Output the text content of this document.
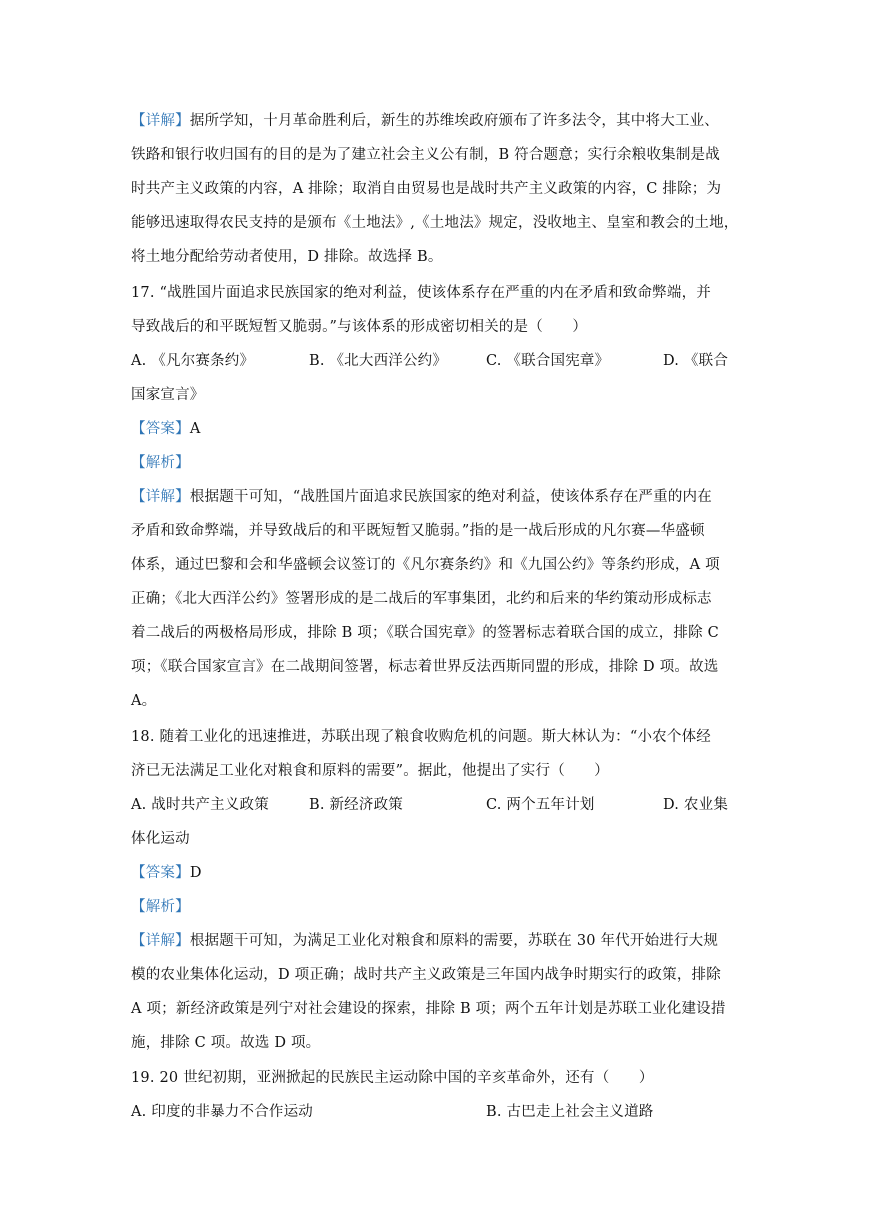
【详解】据所学知，十月革命胜利后，新生的苏维埃政府颁布了许多法令，其中将大工业、
铁路和银行收归国有的目的是为了建立社会主义公有制，B 符合题意；实行余粮收集制是战
时共产主义政策的内容，A 排除；取消自由贸易也是战时共产主义政策的内容，C 排除；为
能够迅速取得农民支持的是颁布《土地法》,《土地法》规定，没收地主、皇室和教会的土地，
将土地分配给劳动者使用，D 排除。故选择 B。
17. “战胜国片面追求民族国家的绝对利益，使该体系存在严重的内在矛盾和致命弊端，并
导致战后的和平既短暂又脆弱。”与该体系的形成密切相关的是（　　）
A. 《凡尔赛条约》	B. 《北大西洋公约》	C. 《联合国宪章》	D. 《联合
国家宣言》
【答案】A
【解析】
【详解】根据题干可知，“战胜国片面追求民族国家的绝对利益，使该体系存在严重的内在
矛盾和致命弊端，并导致战后的和平既短暂又脆弱。”指的是一战后形成的凡尔赛—华盛顿
体系，通过巴黎和会和华盛顿会议签订的《凡尔赛条约》和《九国公约》等条约形成，A 项
正确；《北大西洋公约》签署形成的是二战后的军事集团，北约和后来的华约策动形成标志
着二战后的两极格局形成，排除 B 项；《联合国宪章》的签署标志着联合国的成立，排除 C
项；《联合国家宣言》在二战期间签署，标志着世界反法西斯同盟的形成，排除 D 项。故选
A。
18. 随着工业化的迅速推进，苏联出现了粮食收购危机的问题。斯大林认为：“小农个体经
济已无法满足工业化对粮食和原料的需要”。据此，他提出了实行（　　）
A. 战时共产主义政策	B. 新经济政策	C. 两个五年计划	D. 农业集
体化运动
【答案】D
【解析】
【详解】根据题干可知，为满足工业化对粮食和原料的需要，苏联在 30 年代开始进行大规
模的农业集体化运动，D 项正确；战时共产主义政策是三年国内战争时期实行的政策，排除
A 项；新经济政策是列宁对社会建设的探索，排除 B 项；两个五年计划是苏联工业化建设措
施，排除 C 项。故选 D 项。
19. 20 世纪初期，亚洲掀起的民族民主运动除中国的辛亥革命外，还有（　　）
A. 印度的非暴力不合作运动	B. 古巴走上社会主义道路
